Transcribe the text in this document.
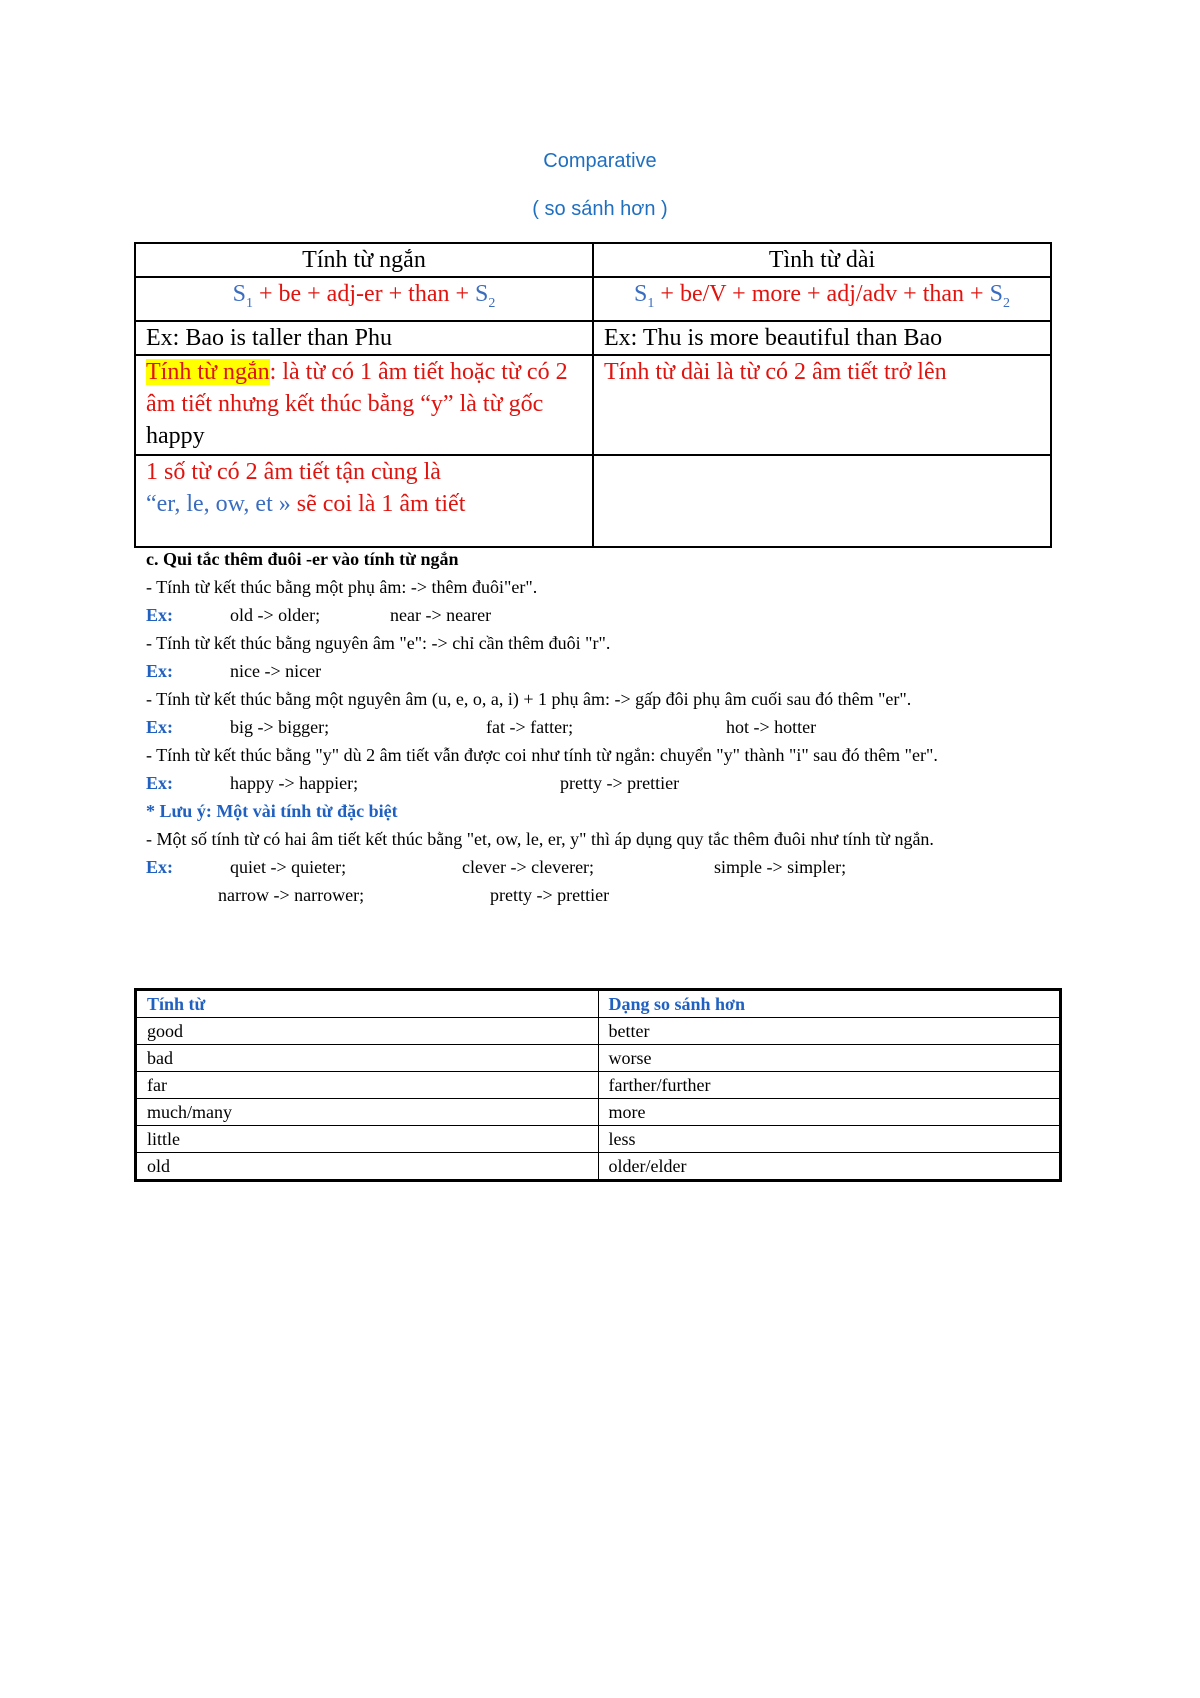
Comparative
( so sánh hơn )
Tính từ ngắn	Tình từ dài
$S_1$ + be + adj-er + than + $S_2$	$S_1 + be/V$ + more + adj/adv + than + $S_2$
Ex: Bao is taller than Phu	Ex: Thu is more beautiful than Bao
Tính từ ngắn: là từ có 1 âm tiết hoặc từ có 2 âm tiết nhưng kết thúc bằng “y” là từ gốc happy	Tính từ dài là từ có 2 âm tiết trở lên
1 số từ có 2 âm tiết tận cùng là
“er, le, ow, et » sẽ coi là 1 âm tiết	

c. Qui tắc thêm đuôi -er vào tính từ ngắn

- Tính từ kết thúc bằng một phụ âm: -> thêm đuôi"er".

Ex:	old -> older;	near -> nearer

- Tính từ kết thúc bằng nguyên âm "e": -> chỉ cần thêm đuôi "r".

Ex:	nice -> nicer

- Tính từ kết thúc bằng một nguyên âm (u, e, o, a, i) + 1 phụ âm: -> gấp đôi phụ âm cuối sau đó thêm "er".

Ex:	big -> bigger;	fat -> fatter;	hot -> hotter

- Tính từ kết thúc bằng "y" dù 2 âm tiết vẫn được coi như tính từ ngắn: chuyển "y" thành "i" sau đó thêm "er".

Ex:	happy -> happier;	pretty -> prettier

* Lưu ý: Một vài tính từ đặc biệt

- Một số tính từ có hai âm tiết kết thúc bằng "et, ow, le, er, y" thì áp dụng quy tắc thêm đuôi như tính từ ngắn.

Ex:	quiet -> quieter;	clever -> cleverer;	simple -> simpler;

narrow -> narrower;	pretty -> prettier

Tính từ	Dạng so sánh hơn
good	better
bad	worse
far	farther/further
much/many	more
little	less
old	older/elder
